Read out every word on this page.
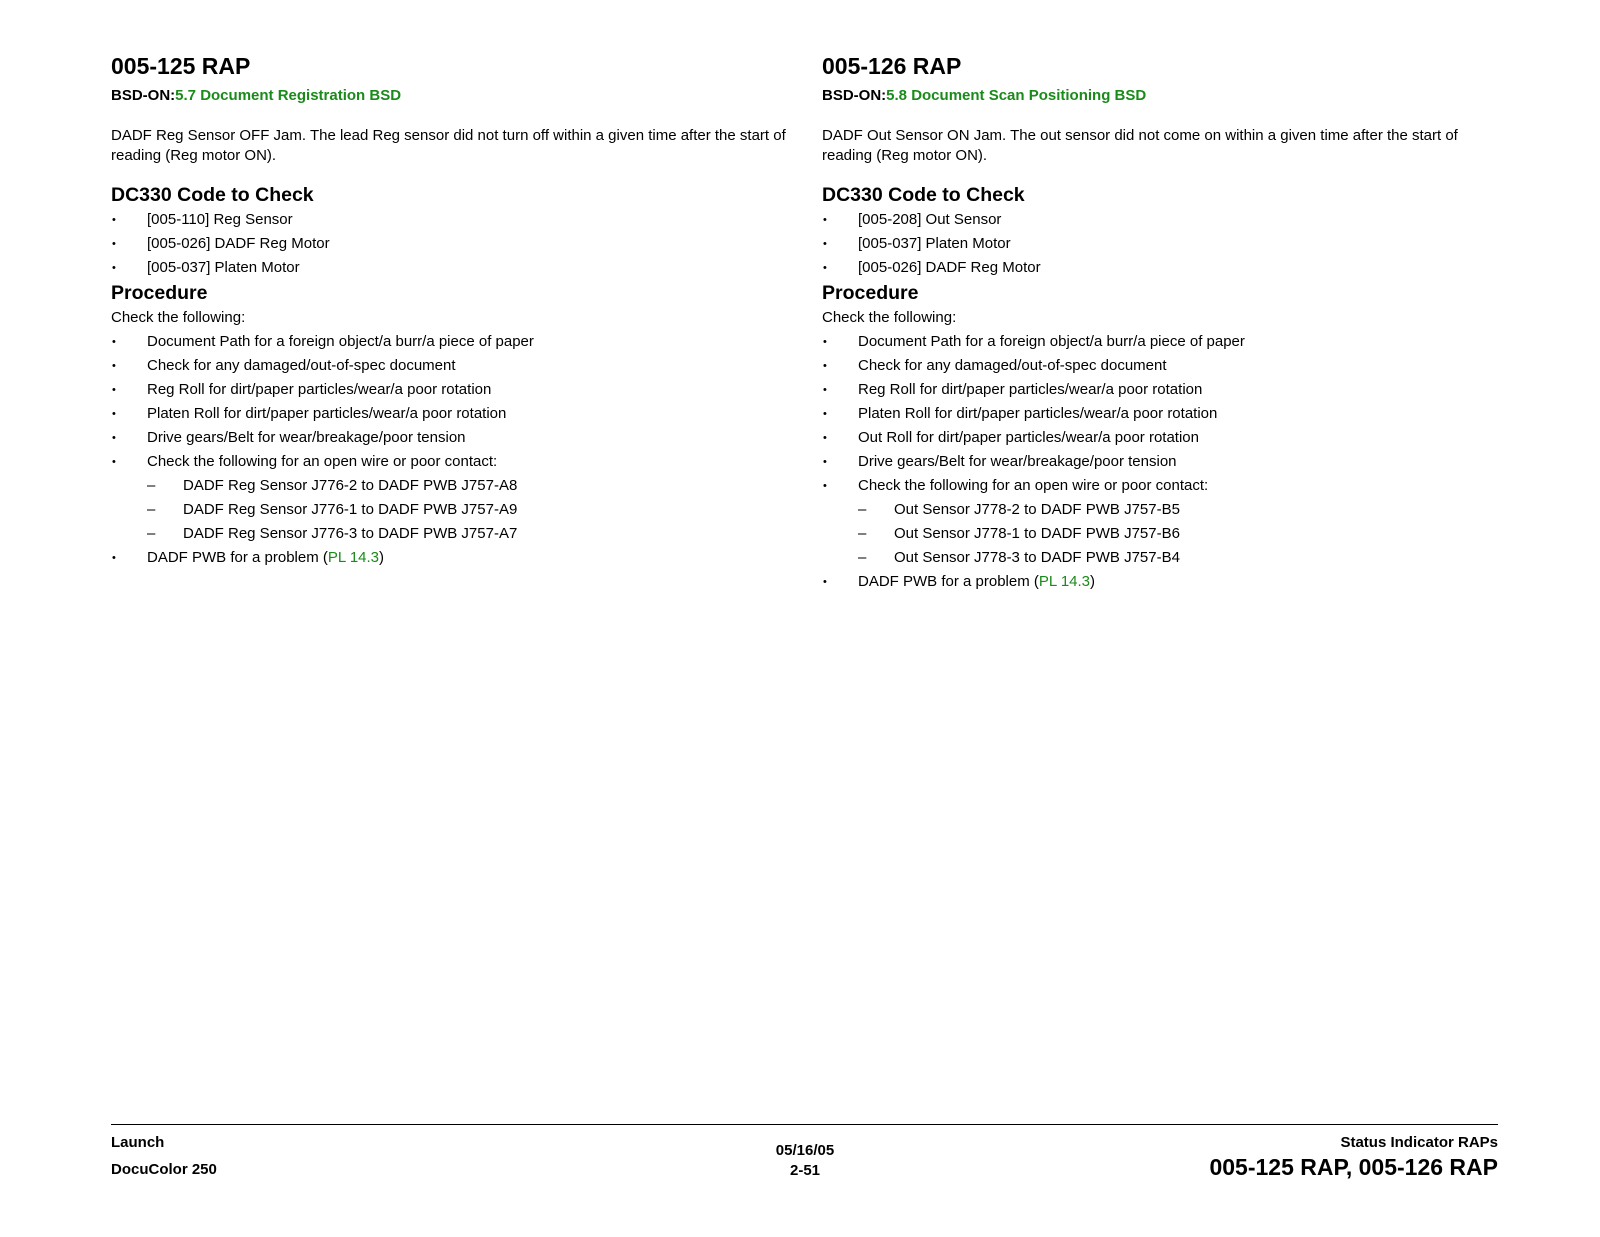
005-125 RAP

BSD-ON:5.7 Document Registration BSD

DADF Reg Sensor OFF Jam. The lead Reg sensor did not turn off within a given time after the start of reading (Reg motor ON).

DC330 Code to Check
• [005-110] Reg Sensor
• [005-026] DADF Reg Motor
• [005-037] Platen Motor
Procedure

Check the following:

• Document Path for a foreign object/a burr/a piece of paper
• Check for any damaged/out-of-spec document
• Reg Roll for dirt/paper particles/wear/a poor rotation
• Platen Roll for dirt/paper particles/wear/a poor rotation
• Drive gears/Belt for wear/breakage/poor tension
• Check the following for an open wire or poor contact:
– DADF Reg Sensor J776-2 to DADF PWB J757-A8
– DADF Reg Sensor J776-1 to DADF PWB J757-A9
– DADF Reg Sensor J776-3 to DADF PWB J757-A7
• DADF PWB for a problem (PL 14.3)
005-126 RAP

BSD-ON:5.8 Document Scan Positioning BSD

DADF Out Sensor ON Jam. The out sensor did not come on within a given time after the start of reading (Reg motor ON).

DC330 Code to Check
• [005-208] Out Sensor
• [005-037] Platen Motor
• [005-026] DADF Reg Motor
Procedure

Check the following:

• Document Path for a foreign object/a burr/a piece of paper
• Check for any damaged/out-of-spec document
• Reg Roll for dirt/paper particles/wear/a poor rotation
• Platen Roll for dirt/paper particles/wear/a poor rotation
• Out Roll for dirt/paper particles/wear/a poor rotation
• Drive gears/Belt for wear/breakage/poor tension
• Check the following for an open wire or poor contact:
– Out Sensor J778-2 to DADF PWB J757-B5
– Out Sensor J778-1 to DADF PWB J757-B6
– Out Sensor J778-3 to DADF PWB J757-B4
• DADF PWB for a problem (PL 14.3)
Launch
DocuColor 250
05/16/05
2-51
Status Indicator RAPs
005-125 RAP, 005-126 RAP
